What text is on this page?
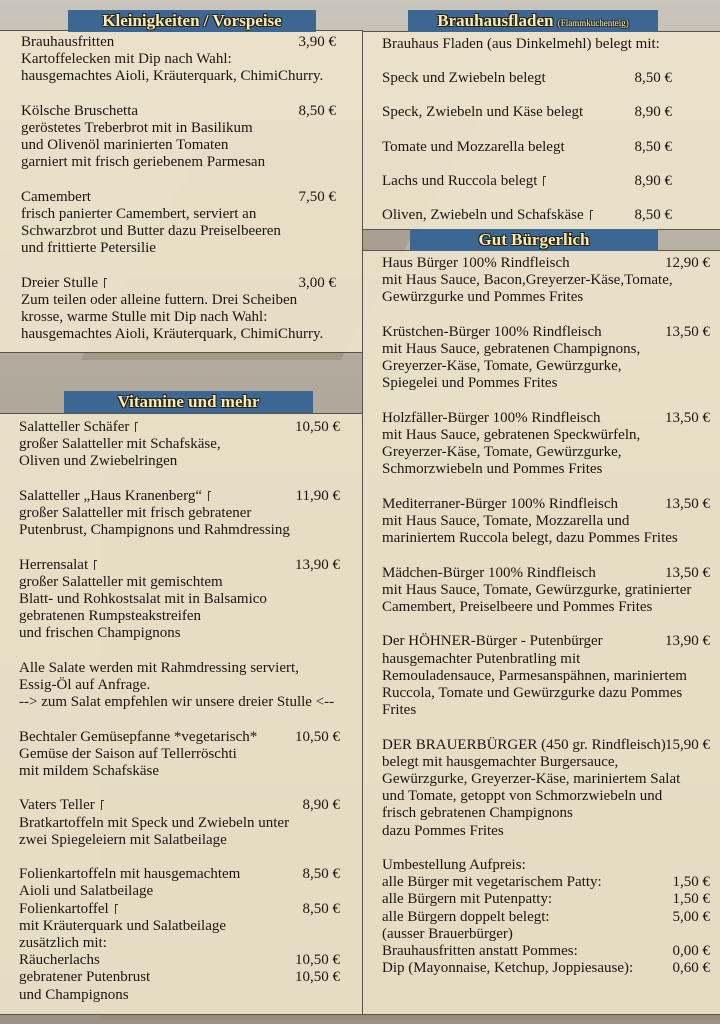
Kleinigkeiten / Vorspeise
Vitamine und mehr
Brauhausfladen (Flammkuchenteig)
Gut Bürgerlich
Brauhausfritten	3,90 €
Kartoffelecken mit Dip nach Wahl:
hausgemachtes Aioli, Kräuterquark, ChimiChurry.
Kölsche Bruschetta	8,50 €
geröstetes Treberbrot mit in Basilikum
und Olivenöl marinierten Tomaten
garniert mit frisch geriebenem Parmesan
Camembert	7,50 €
frisch panierter Camembert, serviert an
Schwarzbrot und Butter dazu Preiselbeeren
und frittierte Petersilie
Dreier Stulle	3,00 €
Zum teilen oder alleine futtern. Drei Scheiben
krosse, warme Stulle mit Dip nach Wahl:
hausgemachtes Aioli, Kräuterquark, ChimiChurry.
Salatteller Schäfer	10,50 €
großer Salatteller mit Schafskäse,
Oliven und Zwiebelringen
Salatteller „Haus Kranenberg“	11,90 €
großer Salatteller mit frisch gebratener
Putenbrust, Champignons und Rahmdressing
Herrensalat	13,90 €
großer Salatteller mit gemischtem
Blatt- und Rohkostsalat mit in Balsamico
gebratenen Rumpsteakstreifen
und frischen Champignons
Alle Salate werden mit Rahmdressing serviert,
Essig-Öl auf Anfrage.
--> zum Salat empfehlen wir unsere dreier Stulle <--
Bechtaler Gemüsepfanne *vegetarisch*	10,50 €
Gemüse der Saison auf Tellerröschti
mit mildem Schafskäse
Vaters Teller	8,90 €
Bratkartoffeln mit Speck und Zwiebeln unter
zwei Spiegeleiern mit Salatbeilage
Folienkartoffeln mit hausgemachtem	8,50 €
Aioli und Salatbeilage
Folienkartoffel	8,50 €
mit Kräuterquark und Salatbeilage
zusätzlich mit:
Räucherlachs	10,50 €
gebratener Putenbrust	10,50 €
und Champignons
Brauhaus Fladen (aus Dinkelmehl) belegt mit:
Speck und Zwiebeln belegt	8,50 €
Speck, Zwiebeln und Käse belegt	8,90 €
Tomate und Mozzarella belegt	8,50 €
Lachs und Ruccola belegt	8,90 €
Oliven, Zwiebeln und Schafskäse	8,50 €
Haus Bürger 100% Rindfleisch	12,90 €
mit Haus Sauce, Bacon,Greyerzer-Käse,Tomate,
Gewürzgurke und Pommes Frites
Krüstchen-Bürger 100% Rindfleisch	13,50 €
mit Haus Sauce, gebratenen Champignons,
Greyerzer-Käse, Tomate, Gewürzgurke,
Spiegelei und Pommes Frites
Holzfäller-Bürger 100% Rindfleisch	13,50 €
mit Haus Sauce, gebratenen Speckwürfeln,
Greyerzer-Käse, Tomate, Gewürzgurke,
Schmorzwiebeln und Pommes Frites
Mediterraner-Bürger 100% Rindfleisch	13,50 €
mit Haus Sauce, Tomate, Mozzarella und
mariniertem Ruccola belegt, dazu Pommes Frites
Mädchen-Bürger 100% Rindfleisch	13,50 €
mit Haus Sauce, Tomate, Gewürzgurke, gratinierter
Camembert, Preiselbeere und Pommes Frites
Der HÖHNER-Bürger - Putenbürger	13,90 €
hausgemachter Putenbratling mit
Remouladensauce, Parmesanspähnen, mariniertem
Ruccola, Tomate und Gewürzgurke dazu Pommes
Frites
DER BRAUERBÜRGER (450 gr. Rindfleisch) 15,90 €
belegt mit hausgemachter Burgersauce,
Gewürzgurke, Greyerzer-Käse, mariniertem Salat
und Tomate, getoppt von Schmorzwiebeln und
frisch gebratenen Champignons
dazu Pommes Frites
Umbestellung Aufpreis:
alle Bürger mit vegetarischem Patty:	1,50 €
alle Bürgern mit Putenpatty:	1,50 €
alle Bürgern doppelt belegt:	5,00 €
(ausser Brauerbürger)
Brauhausfritten anstatt Pommes:	0,00 €
Dip (Mayonnaise, Ketchup, Joppiesause):	0,60 €
